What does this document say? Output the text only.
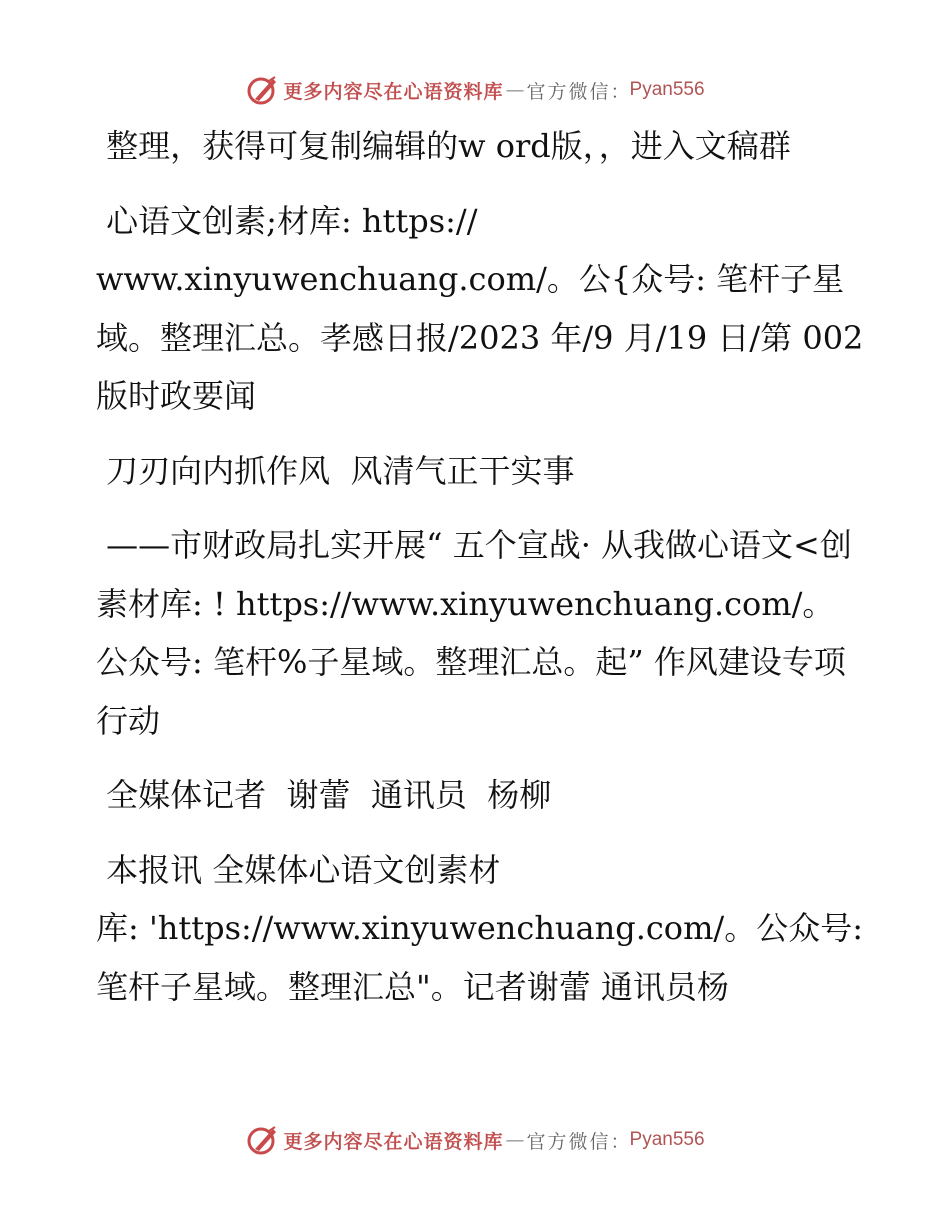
更多内容尽在心语资料库 — 官方微信 ： Pyan556

整理，获得可复制编辑的w ord版，，进入文稿群

心语文创素;材库: https://
www.xinyuwenchuang.com/。公{众号: 笔杆子星域。整理汇总。孝感日报/2023 年/9 月/19 日/第 002 版时政要闻

刀刃向内抓作风  风清气正干实事

——市财政局扎实开展“ 五个宣战· 从我做心语文<创素材库: ! https://www.xinyuwenchuang.com/。公众号: 笔杆%子星域。整理汇总。起” 作风建设专项行动

全媒体记者  谢蕾  通讯员  杨柳

本报讯 全媒体心语文创素材
库: 'https://www.xinyuwenchuang.com/。公众号: 笔杆子星域。整理汇总"。记者谢蕾 通讯员杨

更多内容尽在心语资料库 — 官方微信 ： Pyan556
